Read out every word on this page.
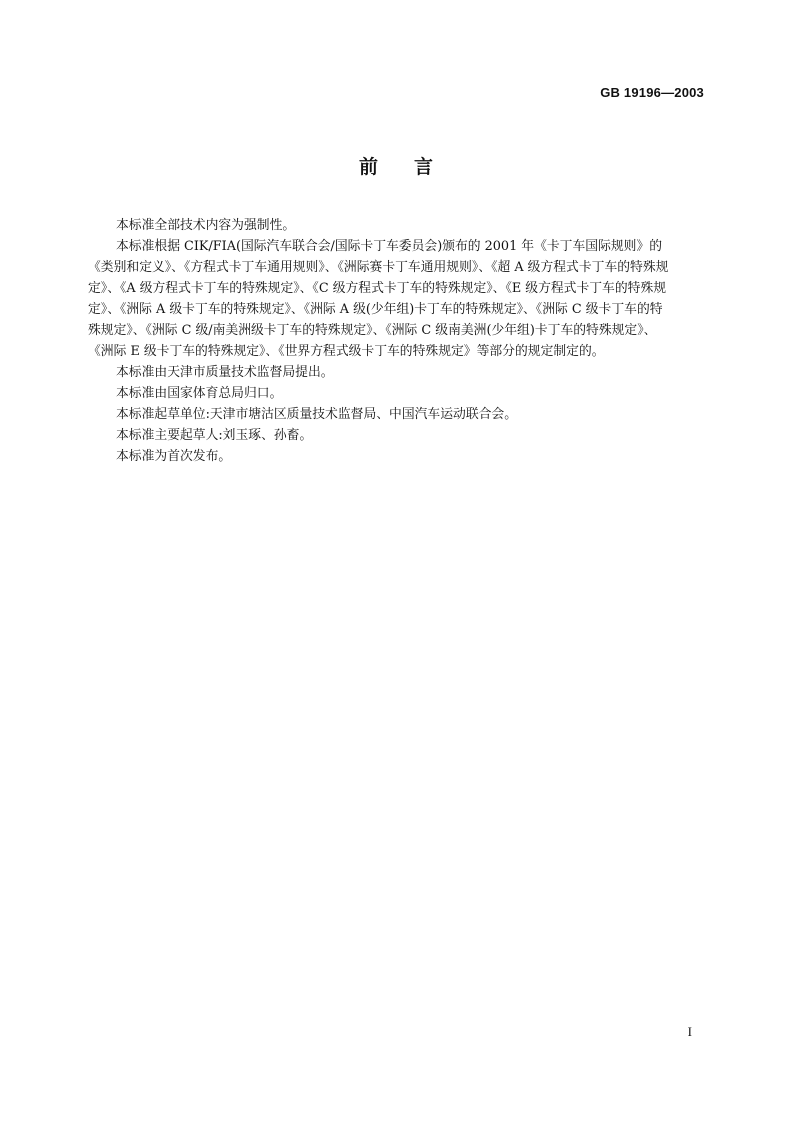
GB 19196—2003
前 言
本标准全部技术内容为强制性。
本标准根据 CIK/FIA(国际汽车联合会/国际卡丁车委员会)颁布的 2001 年《卡丁车国际规则》的
《类别和定义》、《方程式卡丁车通用规则》、《洲际赛卡丁车通用规则》、《超 A 级方程式卡丁车的特殊规
定》、《A 级方程式卡丁车的特殊规定》、《C 级方程式卡丁车的特殊规定》、《E 级方程式卡丁车的特殊规
定》、《洲际 A 级卡丁车的特殊规定》、《洲际 A 级(少年组)卡丁车的特殊规定》、《洲际 C 级卡丁车的特
殊规定》、《洲际 C 级/南美洲级卡丁车的特殊规定》、《洲际 C 级南美洲(少年组)卡丁车的特殊规定》、
《洲际 E 级卡丁车的特殊规定》、《世界方程式级卡丁车的特殊规定》等部分的规定制定的。
本标准由天津市质量技术监督局提出。
本标准由国家体育总局归口。
本标准起草单位:天津市塘沽区质量技术监督局、中国汽车运动联合会。
本标准主要起草人:刘玉琢、孙畜。
本标准为首次发布。
I
